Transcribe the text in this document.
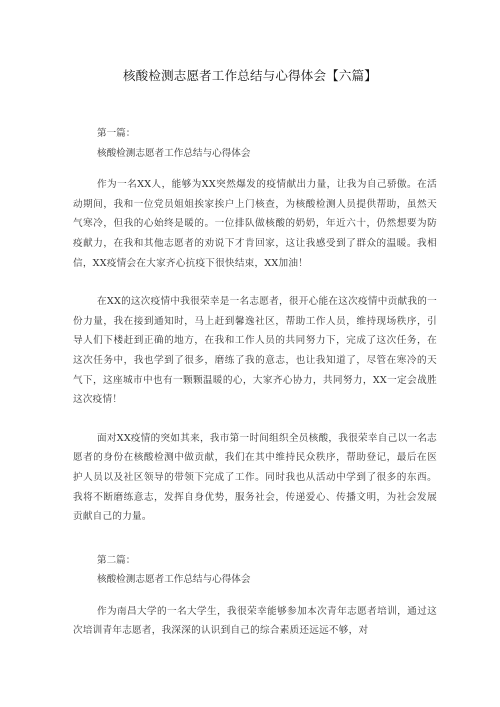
核酸检测志愿者工作总结与心得体会【六篇】

第一篇：

核酸检测志愿者工作总结与心得体会

作为一名XX人，能够为XX突然爆发的疫情献出力量，让我为自己骄傲。在活动期间，我和一位党员姐姐挨家挨户上门核查，为核酸检测人员提供帮助，虽然天气寒冷，但我的心始终是暖的。一位排队做核酸的奶奶，年近六十，仍然想要为防疫献力，在我和其他志愿者的劝说下才肯回家，这让我感受到了群众的温暖。我相信，XX疫情会在大家齐心抗疫下很快结束，XX加油！

在XX的这次疫情中我很荣幸是一名志愿者，很开心能在这次疫情中贡献我的一份力量，我在接到通知时，马上赶到馨逸社区，帮助工作人员，维持现场秩序，引导人们下楼赶到正确的地方，在我和工作人员的共同努力下，完成了这次任务，在这次任务中，我也学到了很多，磨练了我的意志，也让我知道了，尽管在寒冷的天气下，这座城市中也有一颗颗温暖的心，大家齐心协力，共同努力，XX一定会战胜这次疫情！

面对XX疫情的突如其来，我市第一时间组织全员核酸，我很荣幸自己以一名志愿者的身份在核酸检测中做贡献，我们在其中维持民众秩序，帮助登记，最后在医护人员以及社区领导的带领下完成了工作。同时我也从活动中学到了很多的东西。我将不断磨练意志，发挥自身优势，服务社会，传递爱心、传播文明，为社会发展贡献自己的力量。

第二篇：

核酸检测志愿者工作总结与心得体会

作为南昌大学的一名大学生，我很荣幸能够参加本次青年志愿者培训，通过这次培训青年志愿者，我深深的认识到自己的综合素质还远远不够，对
